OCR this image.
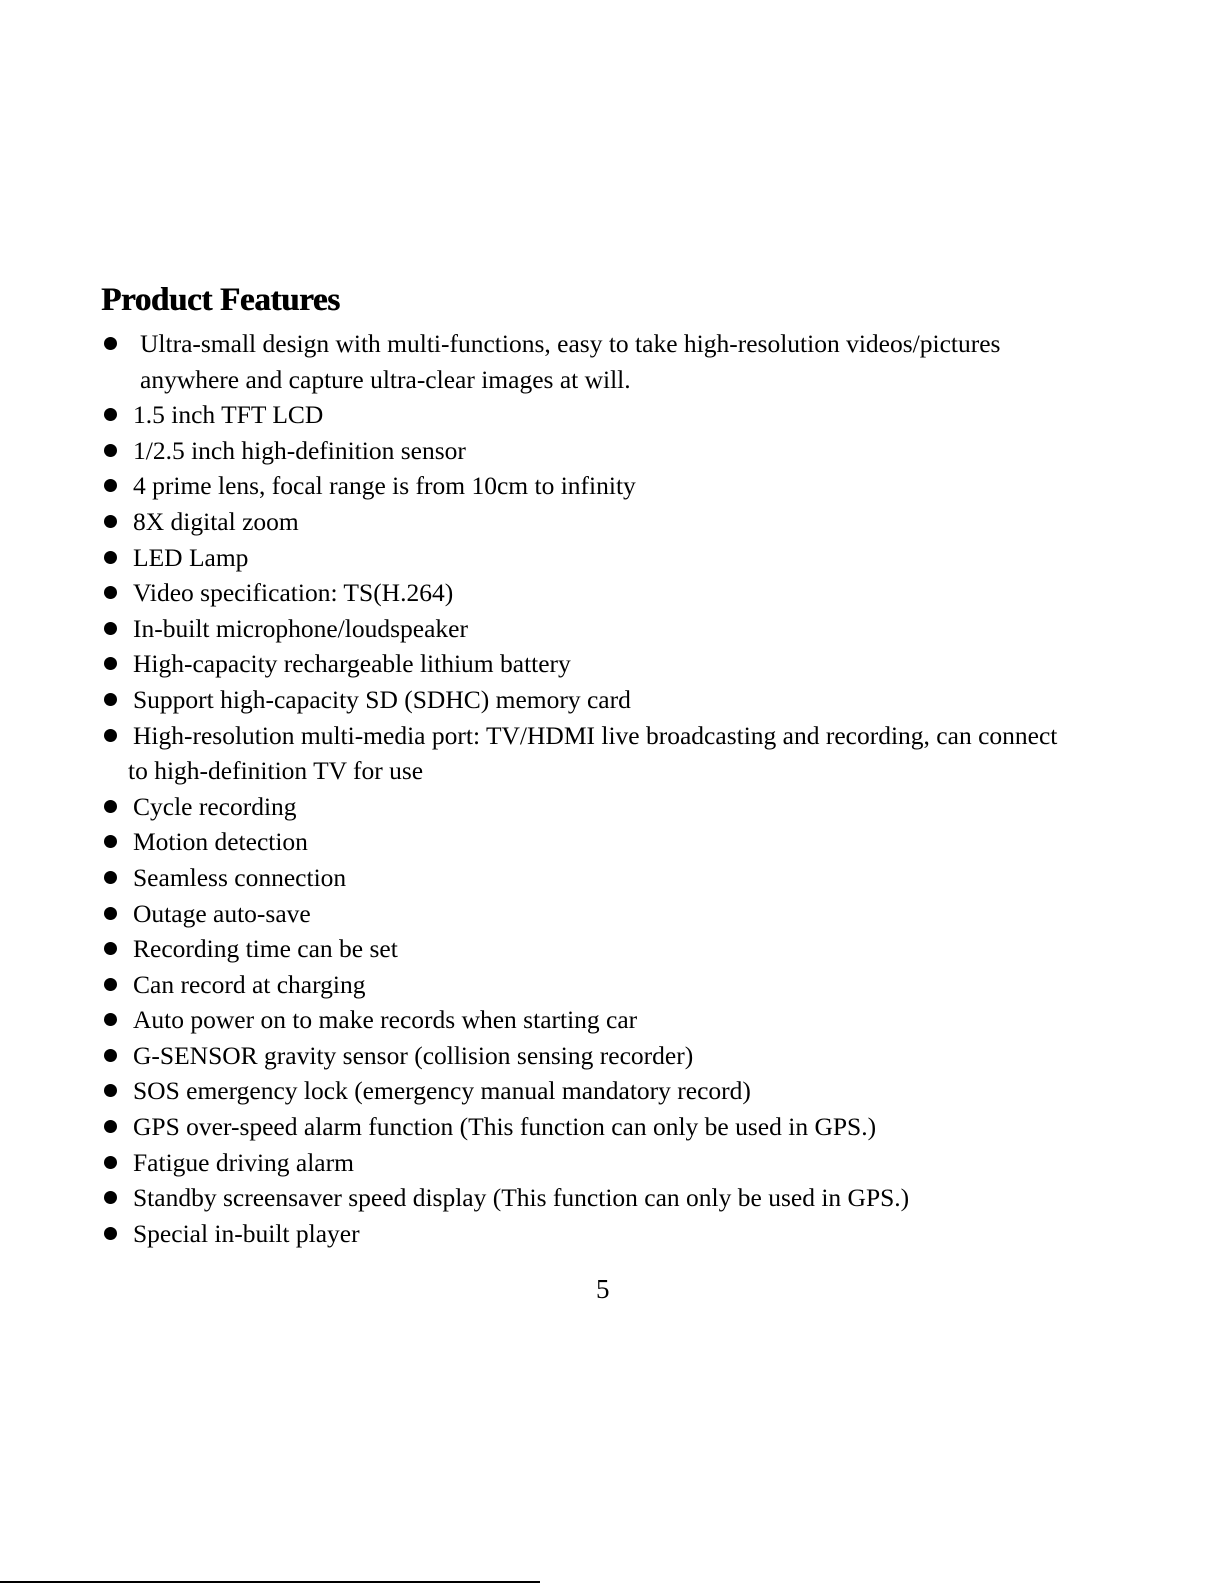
Product Features
Ultra-small design with multi-functions, easy to take high-resolution videos/pictures
anywhere and capture ultra-clear images at will.
1.5 inch TFT LCD
1/2.5 inch high-definition sensor
4 prime lens, focal range is from 10cm to infinity
8X digital zoom
LED Lamp
Video specification: TS(H.264)
In-built microphone/loudspeaker
High-capacity rechargeable lithium battery
Support high-capacity SD (SDHC) memory card
High-resolution multi-media port: TV/HDMI live broadcasting and recording, can connect
to high-definition TV for use
Cycle recording
Motion detection
Seamless connection
Outage auto-save
Recording time can be set
Can record at charging
Auto power on to make records when starting car
G-SENSOR gravity sensor (collision sensing recorder)
SOS emergency lock (emergency manual mandatory record)
GPS over-speed alarm function (This function can only be used in GPS.)
Fatigue driving alarm
Standby screensaver speed display (This function can only be used in GPS.)
Special in-built player
5
